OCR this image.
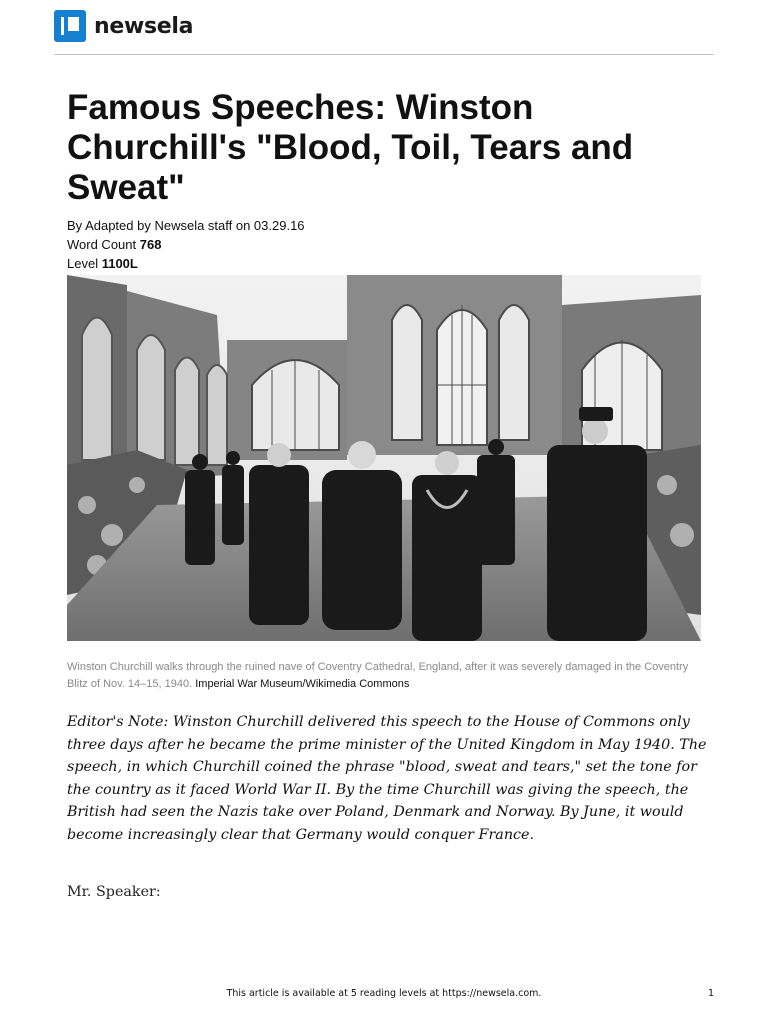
newsela
Famous Speeches: Winston Churchill's "Blood, Toil, Tears and Sweat"
By Adapted by Newsela staff on 03.29.16
Word Count 768
Level 1100L
Winston Churchill walks through the ruined nave of Coventry Cathedral, England, after it was severely damaged in the Coventry Blitz of Nov. 14–15, 1940. Imperial War Museum/Wikimedia Commons
Editor's Note: Winston Churchill delivered this speech to the House of Commons only three days after he became the prime minister of the United Kingdom in May 1940. The speech, in which Churchill coined the phrase "blood, sweat and tears," set the tone for the country as it faced World War II. By the time Churchill was giving the speech, the British had seen the Nazis take over Poland, Denmark and Norway. By June, it would become increasingly clear that Germany would conquer France.
Mr. Speaker:
This article is available at 5 reading levels at https://newsela.com.	1
